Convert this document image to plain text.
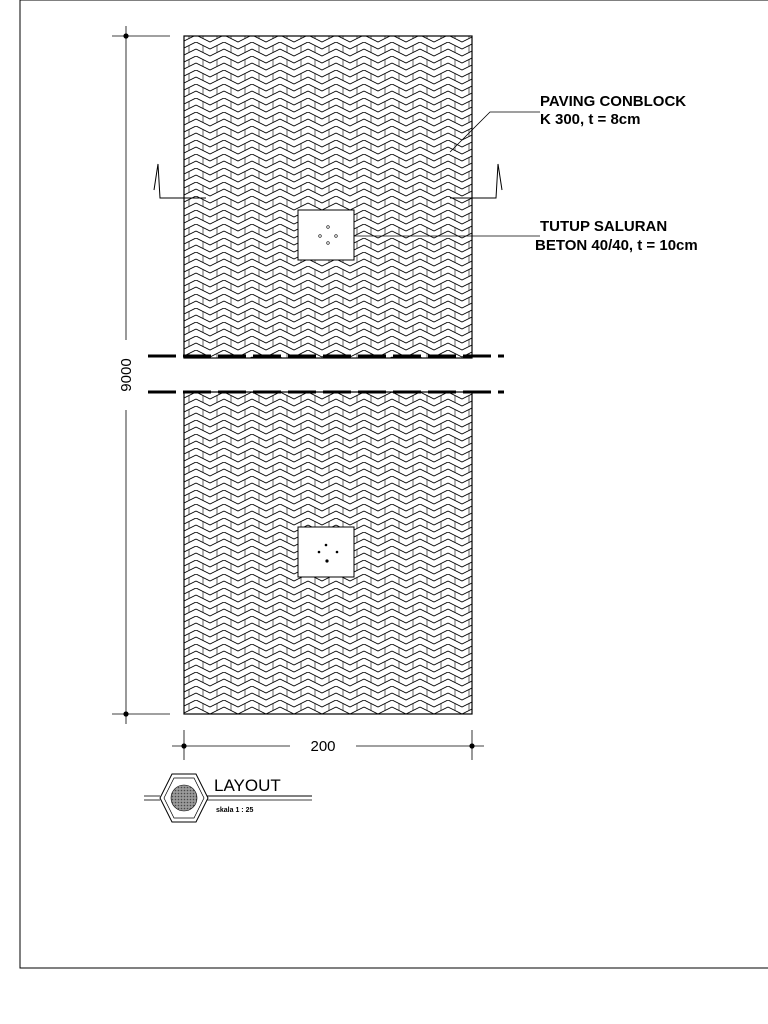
PAVING CONBLOCK
K 300, t = 8cm
TUTUP SALURAN
BETON 40/40, t = 10cm
9000
200
LAYOUT
skala 1 : 25
